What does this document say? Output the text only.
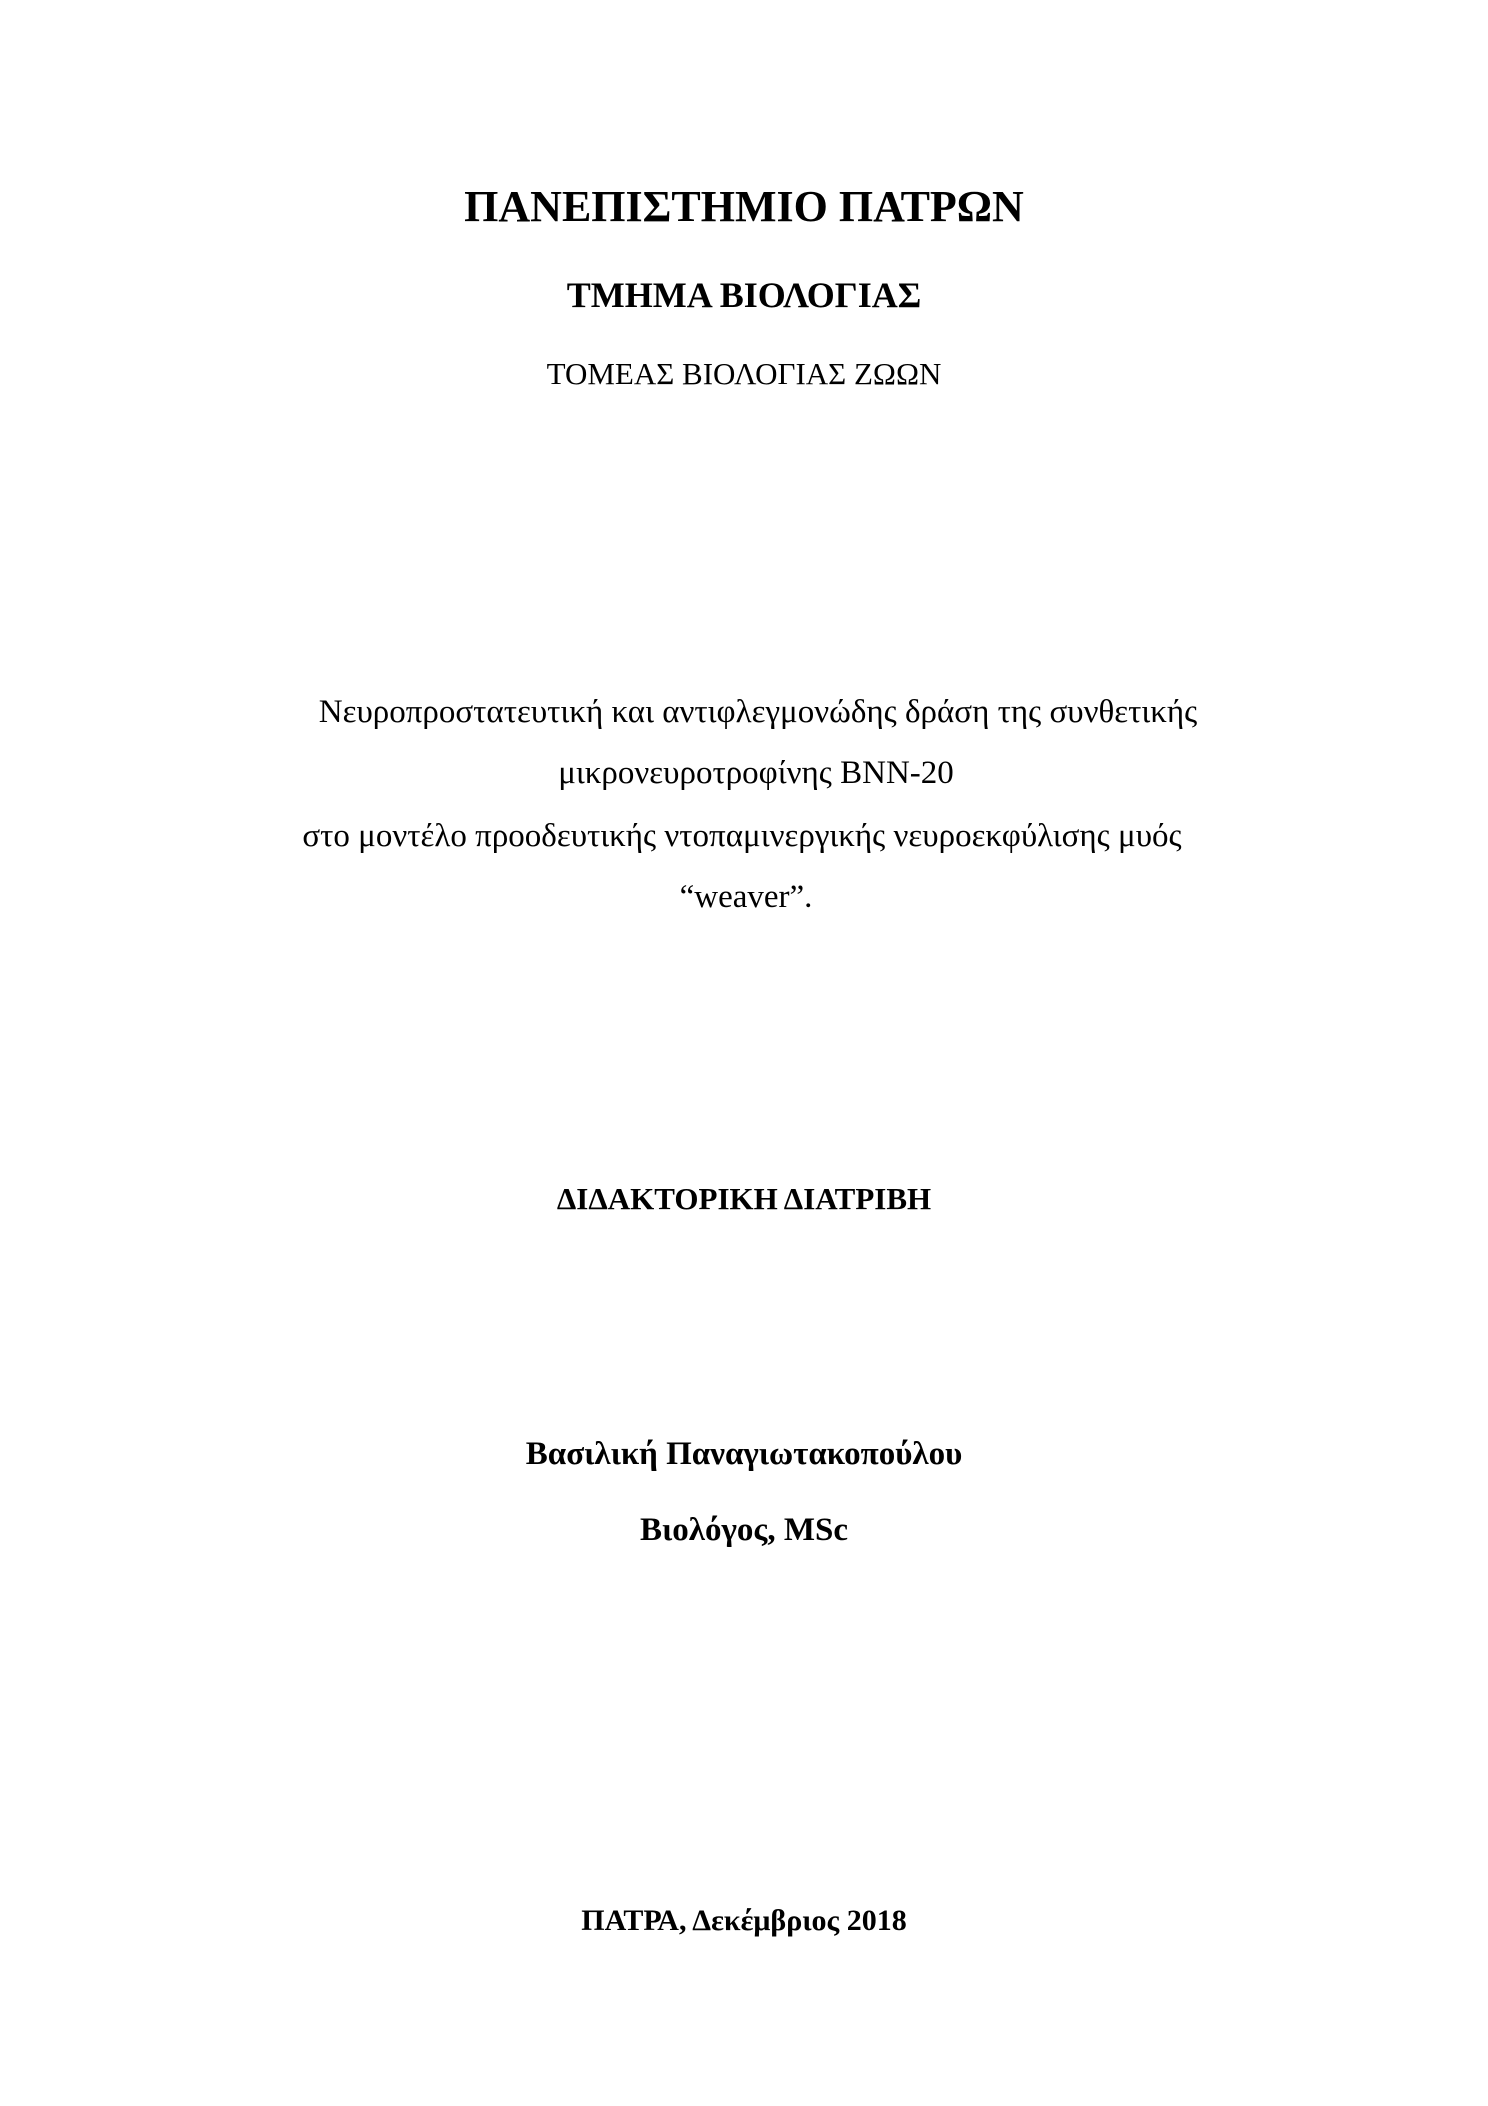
ΠΑΝΕΠΙΣΤΗΜΙΟ ΠΑΤΡΩΝ
ΤΜΗΜΑ ΒΙΟΛΟΓΙΑΣ
ΤΟΜΕΑΣ ΒΙΟΛΟΓΙΑΣ ΖΩΩΝ
Νευροπροστατευτική και αντιφλεγμονώδης δράση της συνθετικής
μικρονευροτροφίνης BNN-20
στο μοντέλο προοδευτικής ντοπαμινεργικής νευροεκφύλισης μυός
“weaver”.
ΔΙΔΑΚΤΟΡΙΚΗ ΔΙΑΤΡΙΒΗ
Βασιλική Παναγιωτακοπούλου
Βιολόγος, MSc
ΠΑΤΡΑ, Δεκέμβριος 2018
